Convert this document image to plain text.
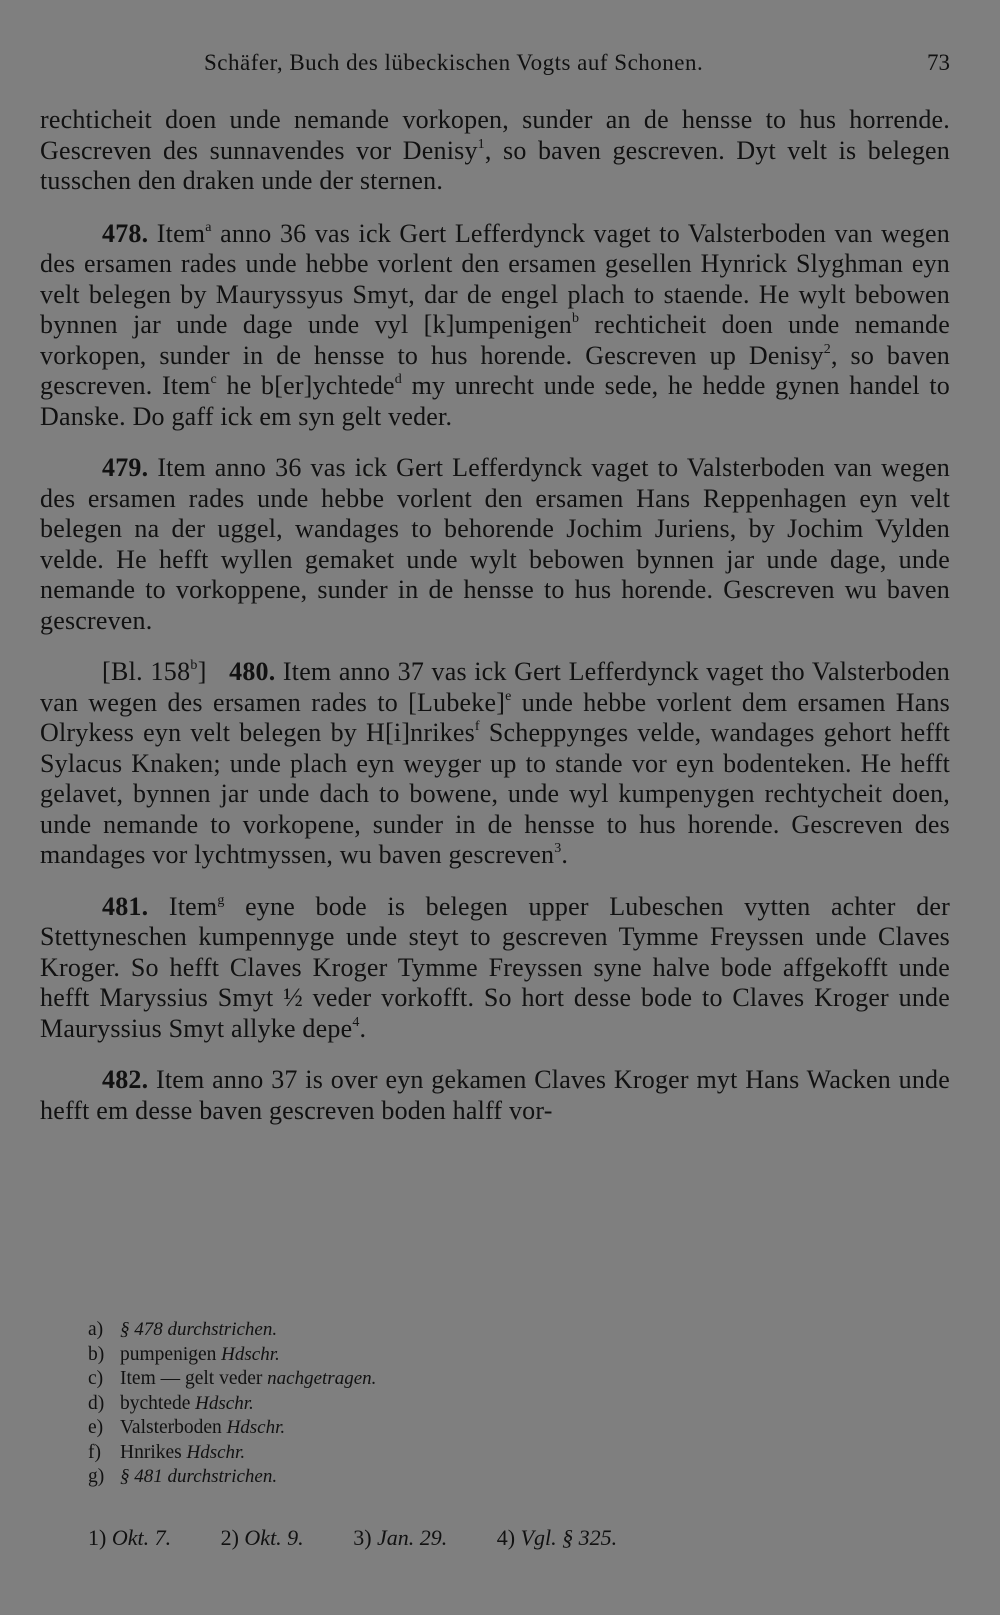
Schäfer, Buch des lübeckischen Vogts auf Schonen.	73

rechticheit doen unde nemande vorkopen, sunder an de hensse to hus horrende. Gescreven des sunnavendes vor Denisy$^1$, so baven gescreven. Dyt velt is belegen tusschen den draken unde der sternen.

478. Item$^a$ anno 36 vas ick Gert Lefferdynck vaget to Valsterboden van wegen des ersamen rades unde hebbe vorlent den ersamen gesellen Hynrick Slyghman eyn velt belegen by Mauryssyus Smyt, dar de engel plach to staende. He wylt bebowen bynnen jar unde dage unde vyl [k]umpenigen$^b$ rechticheit doen unde nemande vorkopen, sunder in de hensse to hus horende. Gescreven up Denisy$^2$, so baven gescreven. Item$^c$ he b[er]ychtede$^d$ my unrecht unde sede, he hedde gynen handel to Danske. Do gaff ick em syn gelt veder.

479. Item anno 36 vas ick Gert Lefferdynck vaget to Valsterboden van wegen des ersamen rades unde hebbe vorlent den ersamen Hans Reppenhagen eyn velt belegen na der uggel, wandages to behorende Jochim Juriens, by Jochim Vylden velde. He hefft wyllen gemaket unde wylt bebowen bynnen jar unde dage, unde nemande to vorkoppene, sunder in de hensse to hus horende. Gescreven wu baven gescreven.

[Bl. 158$^b$] 480. Item anno 37 vas ick Gert Lefferdynck vaget tho Valsterboden van wegen des ersamen rades to [Lubeke]$^e$ unde hebbe vorlent dem ersamen Hans Olrykess eyn velt belegen by H[i]nrikes$^f$ Scheppynges velde, wandages gehort hefft Sylacus Knaken; unde plach eyn weyger up to stande vor eyn bodenteken. He hefft gelavet, bynnen jar unde dach to bowene, unde wyl kumpenygen rechtycheit doen, unde nemande to vorkopene, sunder in de hensse to hus horende. Gescreven des mandages vor lychtmyssen, wu baven gescreven$^3$.

481. Item$^g$ eyne bode is belegen upper Lubeschen vytten achter der Stettyneschen kumpennyge unde steyt to gescreven Tymme Freyssen unde Claves Kroger. So hefft Claves Kroger Tymme Freyssen syne halve bode affgekofft unde hefft Maryssius Smyt ½ veder vorkofft. So hort desse bode to Claves Kroger unde Mauryssius Smyt allyke depe$^4$.

482. Item anno 37 is over eyn gekamen Claves Kroger myt Hans Wacken unde hefft em desse baven gescreven boden halff vor-

a) § 478 durchstrichen.
b) pumpenigen Hdschr.
c) Item — gelt veder nachgetragen.
d) bychtede Hdschr.
e) Valsterboden Hdschr.
f) Hnrikes Hdschr.
g) § 481 durchstrichen.
1) Okt. 7. 2) Okt. 9. 3) Jan. 29. 4) Vgl. § 325.
